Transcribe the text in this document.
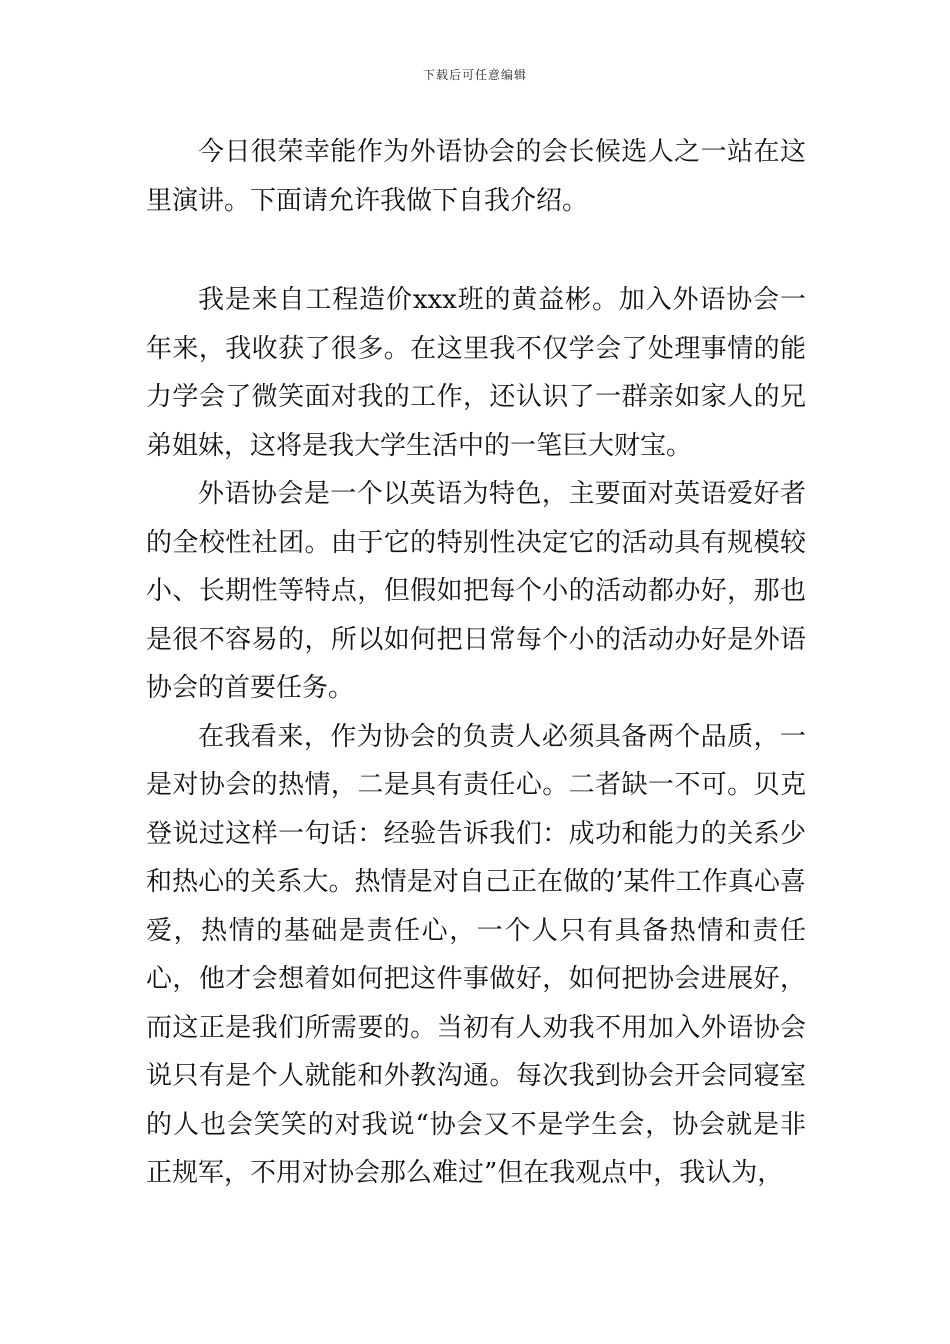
下载后可任意编辑

今日很荣幸能作为外语协会的会长候选人之一站在这里演讲。下面请允许我做下自我介绍。

我是来自工程造价xxx班的黄益彬。加入外语协会一年来，我收获了很多。在这里我不仅学会了处理事情的能力学会了微笑面对我的工作，还认识了一群亲如家人的兄弟姐妹，这将是我大学生活中的一笔巨大财宝。

外语协会是一个以英语为特色，主要面对英语爱好者的全校性社团。由于它的特别性决定它的活动具有规模较小、长期性等特点，但假如把每个小的活动都办好，那也是很不容易的，所以如何把日常每个小的活动办好是外语协会的首要任务。

在我看来，作为协会的负责人必须具备两个品质，一是对协会的热情，二是具有责任心。二者缺一不可。贝克登说过这样一句话：经验告诉我们：成功和能力的关系少和热心的关系大。热情是对自己正在做的’某件工作真心喜爱，热情的基础是责任心，一个人只有具备热情和责任心，他才会想着如何把这件事做好，如何把协会进展好，而这正是我们所需要的。当初有人劝我不用加入外语协会说只有是个人就能和外教沟通。每次我到协会开会同寝室的人也会笑笑的对我说“协会又不是学生会，协会就是非正规军，不用对协会那么难过”但在我观点中，我认为，
